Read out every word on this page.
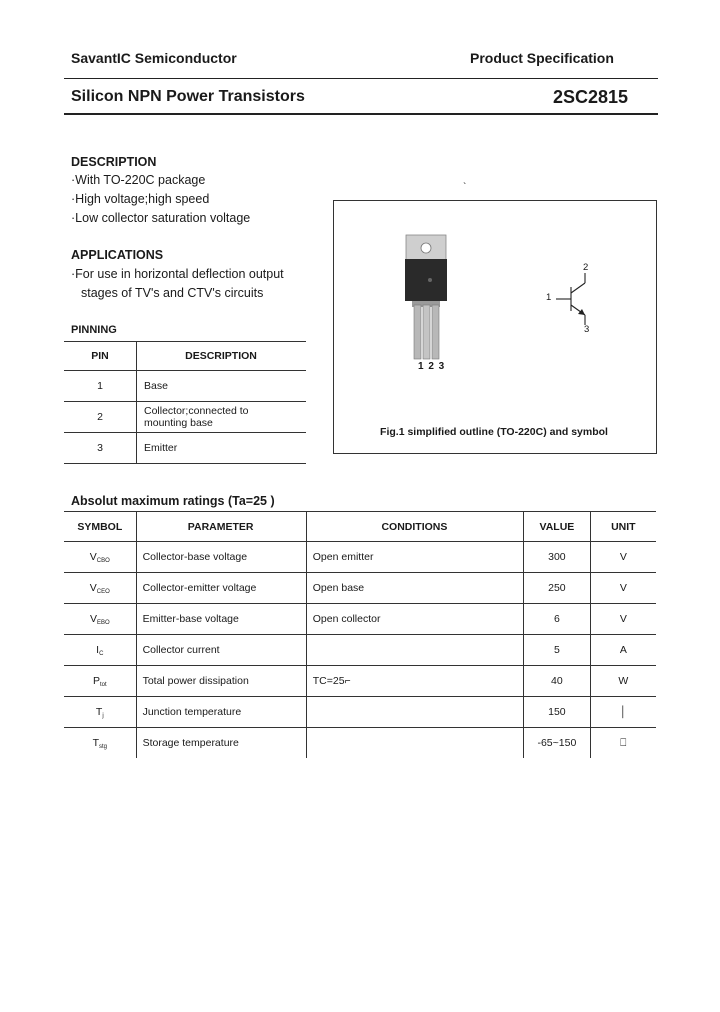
SavantIC Semiconductor	Product Specification
Silicon NPN Power Transistors	2SC2815
DESCRIPTION
·With TO-220C package
·High voltage;high speed
·Low collector saturation voltage
APPLICATIONS
·For use in horizontal deflection output
stages of TV's and CTV's circuits
PINNING
PIN	DESCRIPTION
1	Base
2	Collector;connected to mounting base
3	Emitter
`
1 2 3
1
2
3
Fig.1 simplified outline (TO-220C) and symbol
Absolut maximum ratings (Ta=25 )
SYMBOL	PARAMETER	CONDITIONS	VALUE	UNIT
$V_{CBO}$	Collector-base voltage	Open emitter	300	V
$V_{CEO}$	Collector-emitter voltage	Open base	250	V
$V_{EBO}$	Emitter-base voltage	Open collector	6	V
$I_C$	Collector current		5	A
$P_{tot}$	Total power dissipation	TC=25⌐	40	W
$T_j$	Junction temperature		150	│
$T_{stg}$	Storage temperature		-65~150	⎕
